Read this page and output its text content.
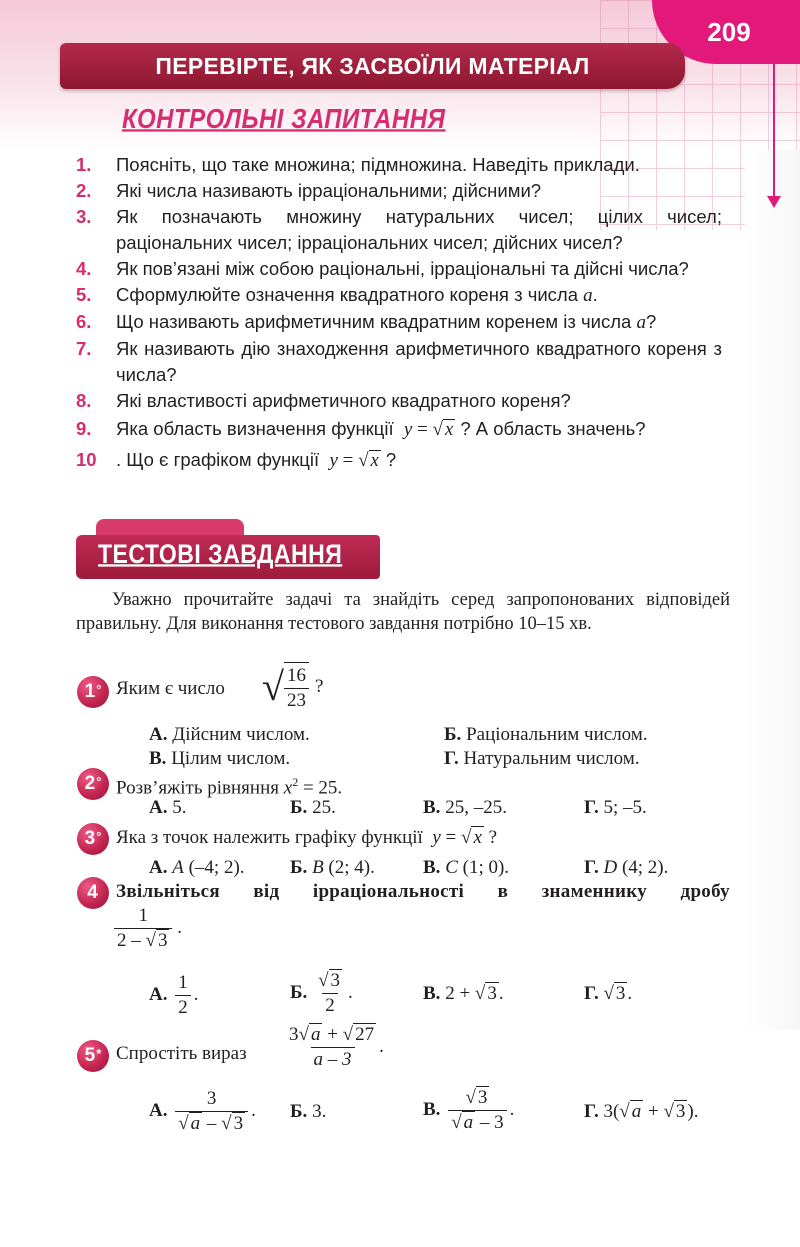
209
ПЕРЕВІРТЕ, ЯК ЗАСВОЇЛИ МАТЕРІАЛ
КОНТРОЛЬНІ ЗАПИТАННЯ
1.	Поясніть, що таке множина; підмножина. Наведіть приклади.
2.	Які числа називають ірраціональними; дійсними?
3.	Як позначають множину натуральних чисел; цілих чисел; раціональних чисел; ірраціональних чисел; дійсних чисел?
4.	Як пов’язані між собою раціональні, ірраціональні та дійсні числа?
5.	Сформулюйте означення квадратного кореня з числа a.
6.	Що називають арифметичним квадратним коренем із числа a?
7.	Як називають дію знаходження арифметичного квадратного кореня з числа?
8.	Які властивості арифметичного квадратного кореня?
9.	Яка область визначення функції y = √ x ? А область значень?
10	. Що є графіком функції y = √ x ?
ТЕСТОВІ ЗАВДАННЯ
Уважно прочитайте задачі та знайдіть серед запропонованих відповідей правильну. Для виконання тестового завдання потрібно 10–15 хв.
1 ° Яким є число √ $\frac{16}{23}$ ?
А. Дійсним числом.	Б. Раціональним числом.
В. Цілим числом.	Г. Натуральним числом.
2 ° Розв’яжіть рівняння $x^2 = 25$.
А. 5.	Б. 25.	В. 25, –25.	Г. 5; –5.
3 ° Яка з точок належить графіку функції y = √ x ?
А. A (–4; 2). Б. B (2; 4).	В. C (1; 0).	Г. D (4; 2).
4 Звільніться від ірраціональності в знаменнику дробу
$\frac{1}{2 - √ 3}$ .
А. $\frac{1}{2}$ .	Б. $\frac{√ 3}{2}$ .	В. 2 + √ 3 .	Г. √ 3 .
5 * Спростіть вираз $\frac{3√ a + √ 27}{a - 3}$ .
А. $\frac{3}{√ a - √ 3}$ . Б. 3.	В. $\frac{√ 3}{√ a - 3}$ .	Г. 3(√ a + √ 3 ).
